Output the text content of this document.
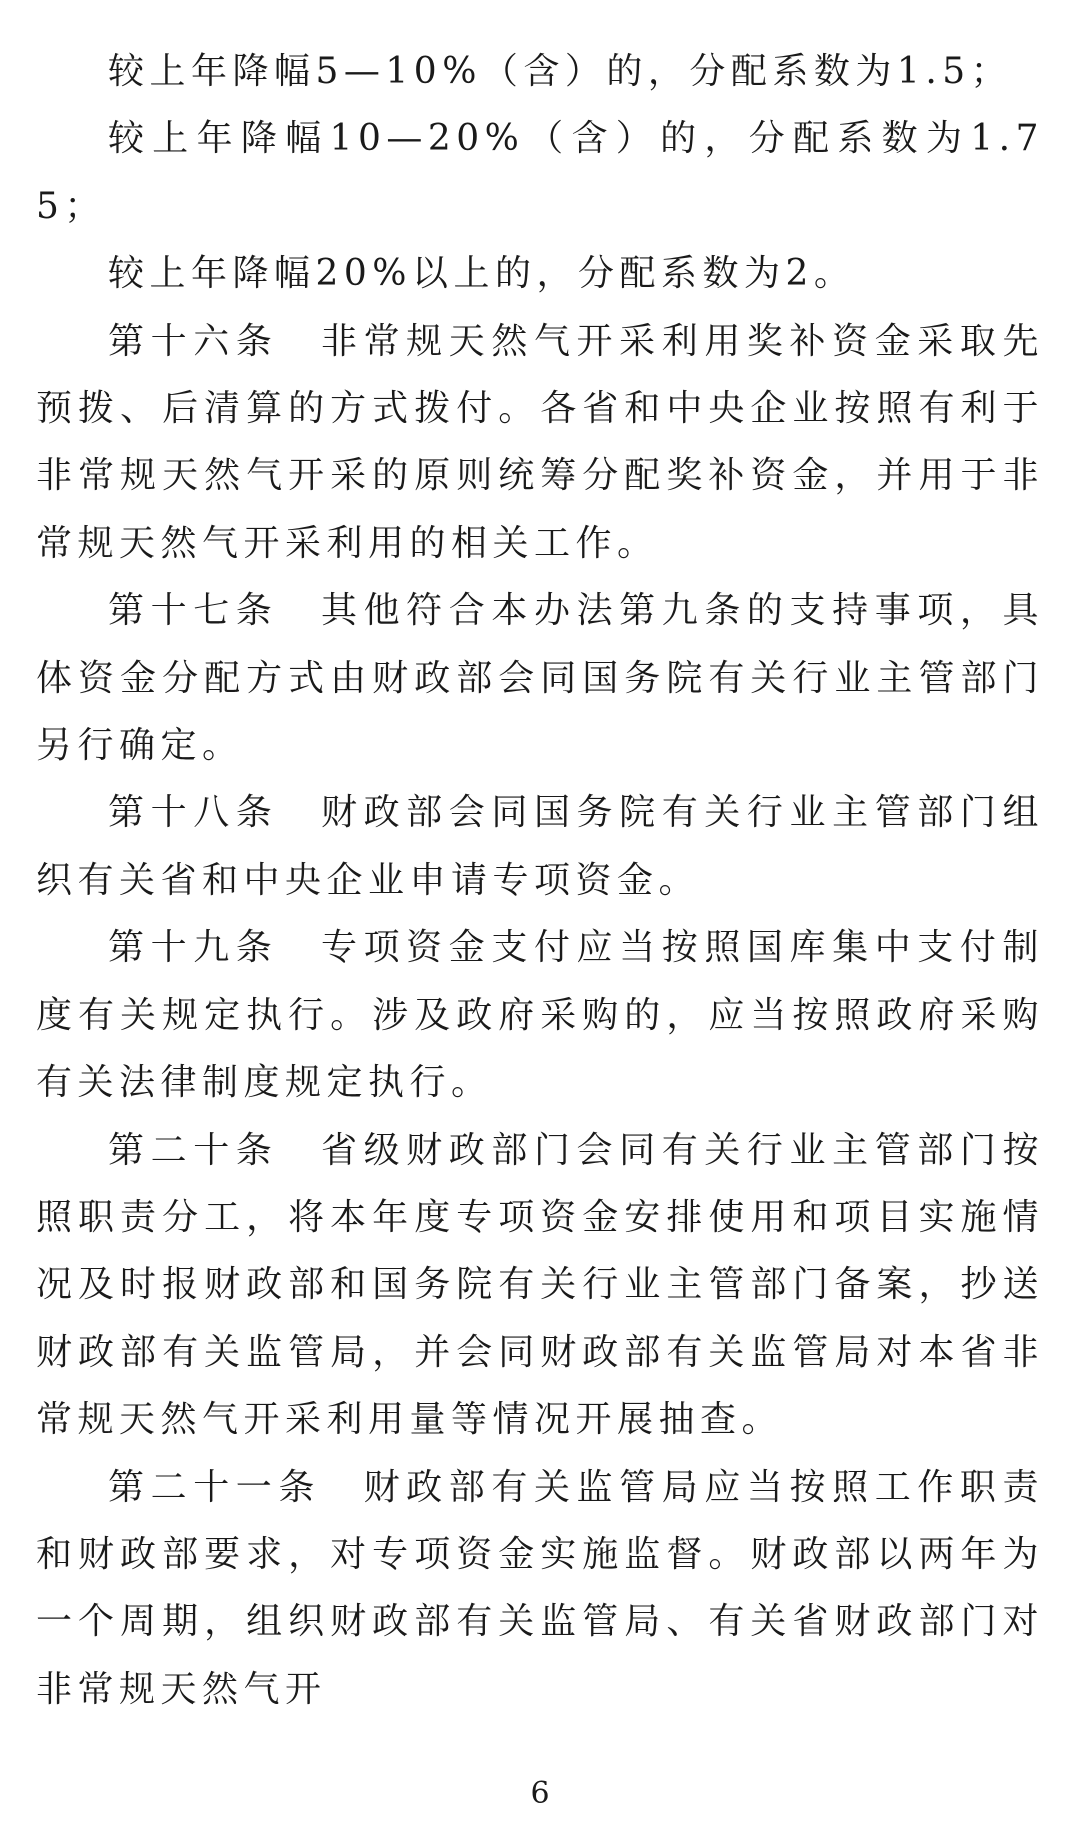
较上年降幅5—10%（含）的，分配系数为1.5；

较上年降幅10—20%（含）的，分配系数为1.75；

较上年降幅20%以上的，分配系数为2。

第十六条　非常规天然气开采利用奖补资金采取先预拨、后清算的方式拨付。各省和中央企业按照有利于非常规天然气开采的原则统筹分配奖补资金，并用于非常规天然气开采利用的相关工作。

第十七条　其他符合本办法第九条的支持事项，具体资金分配方式由财政部会同国务院有关行业主管部门另行确定。

第十八条　财政部会同国务院有关行业主管部门组织有关省和中央企业申请专项资金。

第十九条　专项资金支付应当按照国库集中支付制度有关规定执行。涉及政府采购的，应当按照政府采购有关法律制度规定执行。

第二十条　省级财政部门会同有关行业主管部门按照职责分工，将本年度专项资金安排使用和项目实施情况及时报财政部和国务院有关行业主管部门备案，抄送财政部有关监管局，并会同财政部有关监管局对本省非常规天然气开采利用量等情况开展抽查。

第二十一条　财政部有关监管局应当按照工作职责和财政部要求，对专项资金实施监督。财政部以两年为一个周期，组织财政部有关监管局、有关省财政部门对非常规天然气开

6
